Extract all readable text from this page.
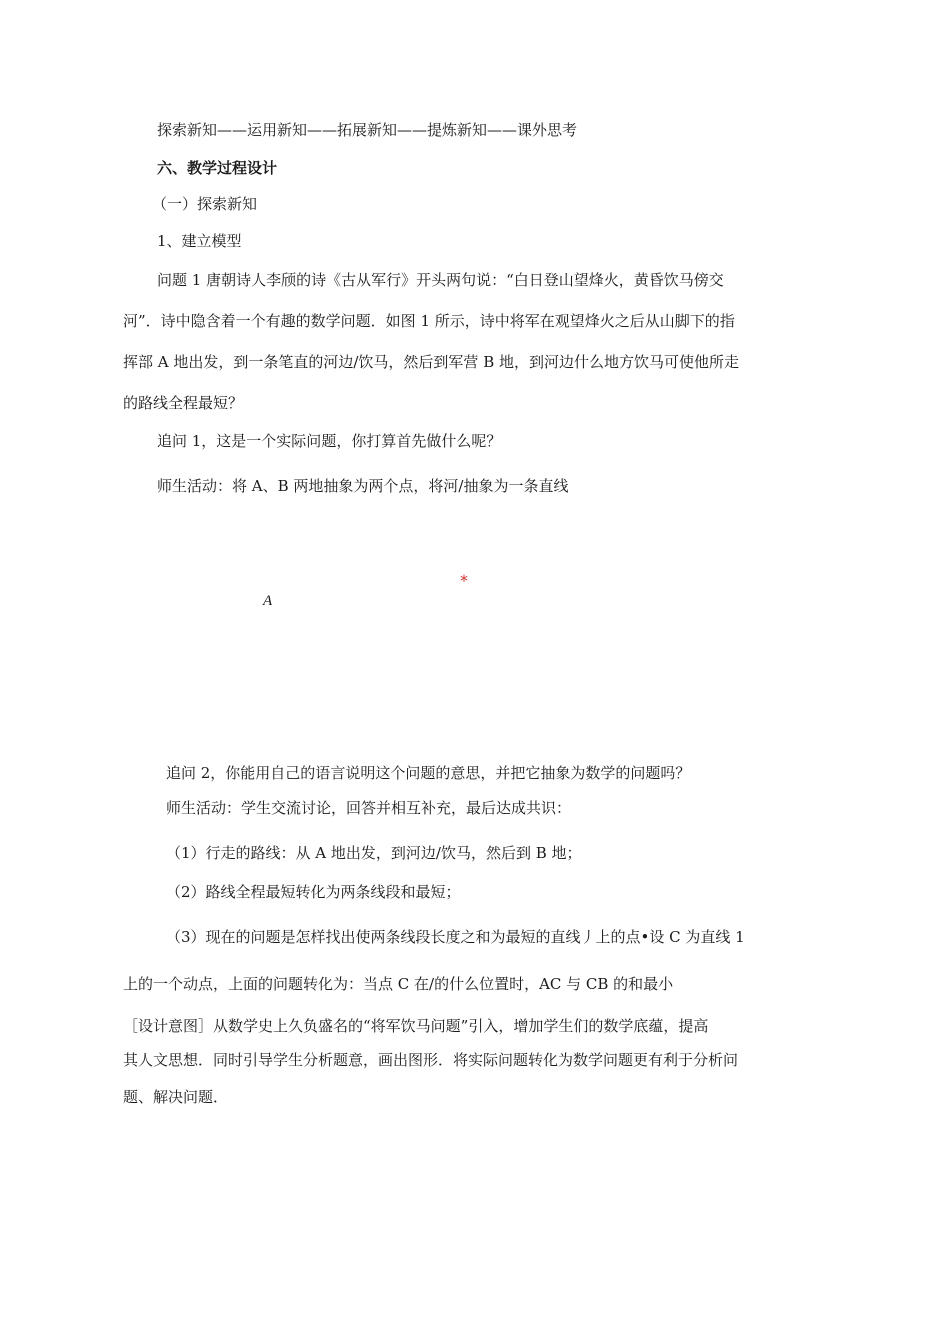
探索新知——运用新知——拓展新知——提炼新知——课外思考
六、教学过程设计
（一）探索新知
1、建立模型
问题 1 唐朝诗人李颀的诗《古从军行》开头两句说：“白日登山望烽火，黄昏饮马傍交
河”．诗中隐含着一个有趣的数学问题．如图 1 所示，诗中将军在观望烽火之后从山脚下的指
挥部 A 地出发，到一条笔直的河边/饮马，然后到军营 B 地，到河边什么地方饮马可使他所走
的路线全程最短？
追问 1，这是一个实际问题，你打算首先做什么呢？
师生活动：将 A、B 两地抽象为两个点，将河/抽象为一条直线
A
*
追问 2，你能用自己的语言说明这个问题的意思，并把它抽象为数学的问题吗？
师生活动：学生交流讨论，回答并相互补充，最后达成共识：
（1）行走的路线：从 A 地出发，到河边/饮马，然后到 B 地；
（2）路线全程最短转化为两条线段和最短；
（3）现在的问题是怎样找出使两条线段长度之和为最短的直线丿上的点•设 C 为直线 1
上的一个动点，上面的问题转化为：当点 C 在/的什么位置时，AC 与 CB 的和最小
［设计意图］从数学史上久负盛名的“将军饮马问题”引入，增加学生们的数学底蕴，提高
其人文思想．同时引导学生分析题意，画出图形．将实际问题转化为数学问题更有利于分析问
题、解决问题．
